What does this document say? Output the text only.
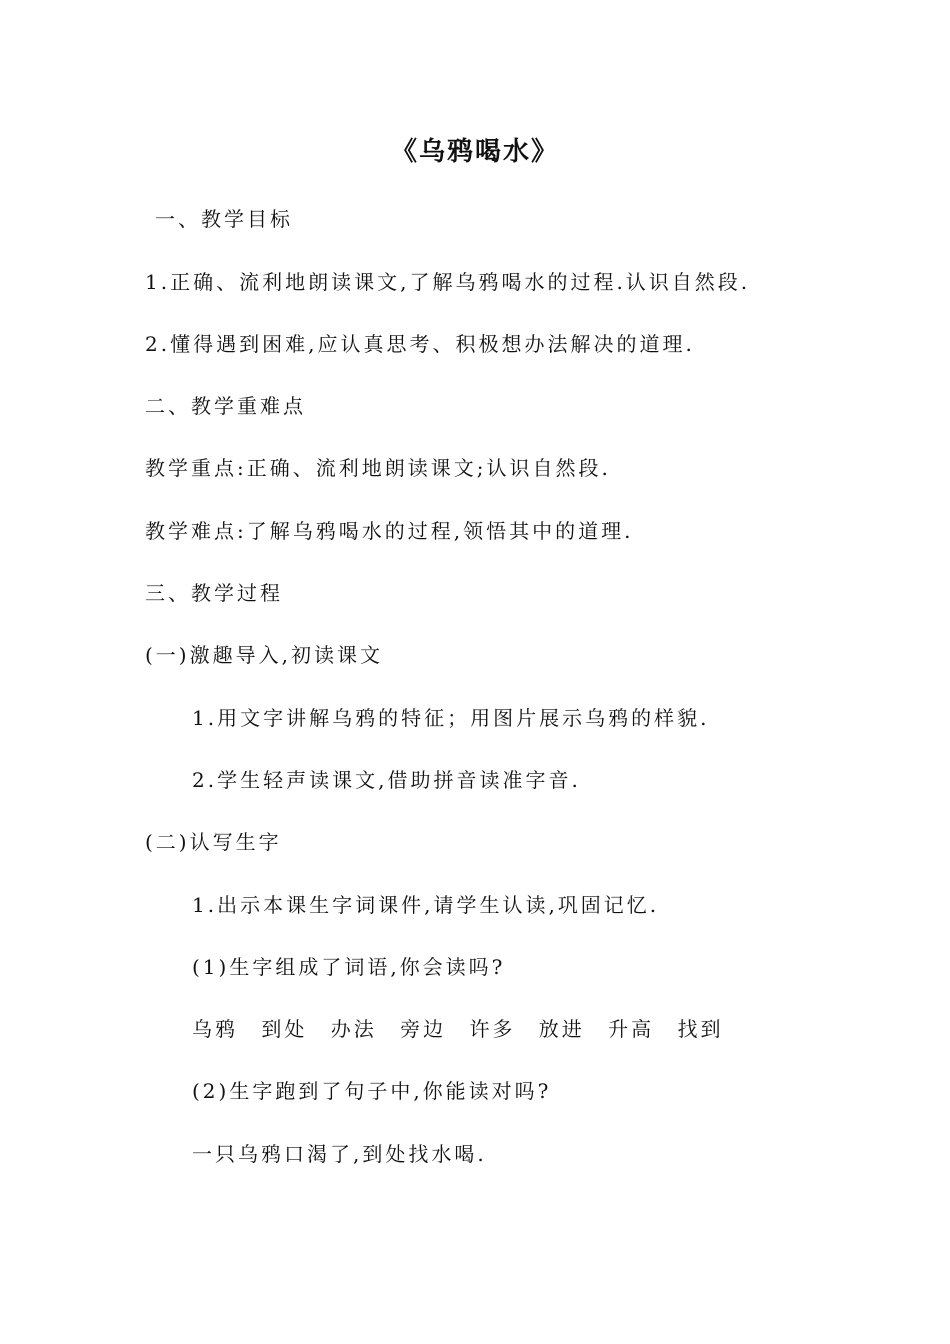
《乌鸦喝水》
一、教学目标
1.正确、流利地朗读课文,了解乌鸦喝水的过程.认识自然段.
2.懂得遇到困难,应认真思考、积极想办法解决的道理.
二、教学重难点
教学重点:正确、流利地朗读课文;认识自然段.
教学难点:了解乌鸦喝水的过程,领悟其中的道理.
三、教学过程
(一)激趣导入,初读课文
1.用文字讲解乌鸦的特征；用图片展示乌鸦的样貌.
2.学生轻声读课文,借助拼音读准字音.
(二)认写生字
1.出示本课生字词课件,请学生认读,巩固记忆.
(1)生字组成了词语,你会读吗?
乌鸦 到处 办法 旁边 许多 放进 升高 找到
(2)生字跑到了句子中,你能读对吗?
一只乌鸦口渴了,到处找水喝.
